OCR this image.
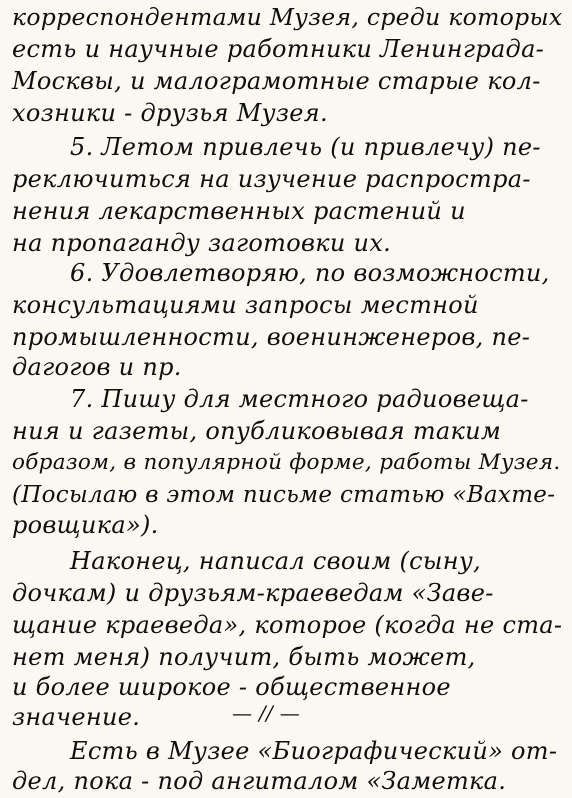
корреспондентами Музея, среди которых
есть и научные работники Ленинграда-
Москвы, и малограмотные старые кол-
хозники - друзья Музея.
5. Летом привлечь (и привлечу) пе-
реключиться на изучение распростра-
нения лекарственных растений и
на пропаганду заготовки их.
6. Удовлетворяю, по возможности,
консультациями запросы местной
промышленности, военинженеров, пе-
дагогов и пр.
7. Пишу для местного радиовеща-
ния и газеты, опубликовывая таким
образом, в популярной форме, работы Музея.
(Посылаю в этом письме статью «Вахте-
ровщика»).
Наконец, написал своим (сыну,
дочкам) и друзьям-краеведам «Заве-
щание краеведа», которое (когда не ста-
нет меня) получит, быть может,
и более широкое - общественное
значение.	— // —
Есть в Музее «Биографический» от-
дел, пока - под ангиталом «Заметка.
